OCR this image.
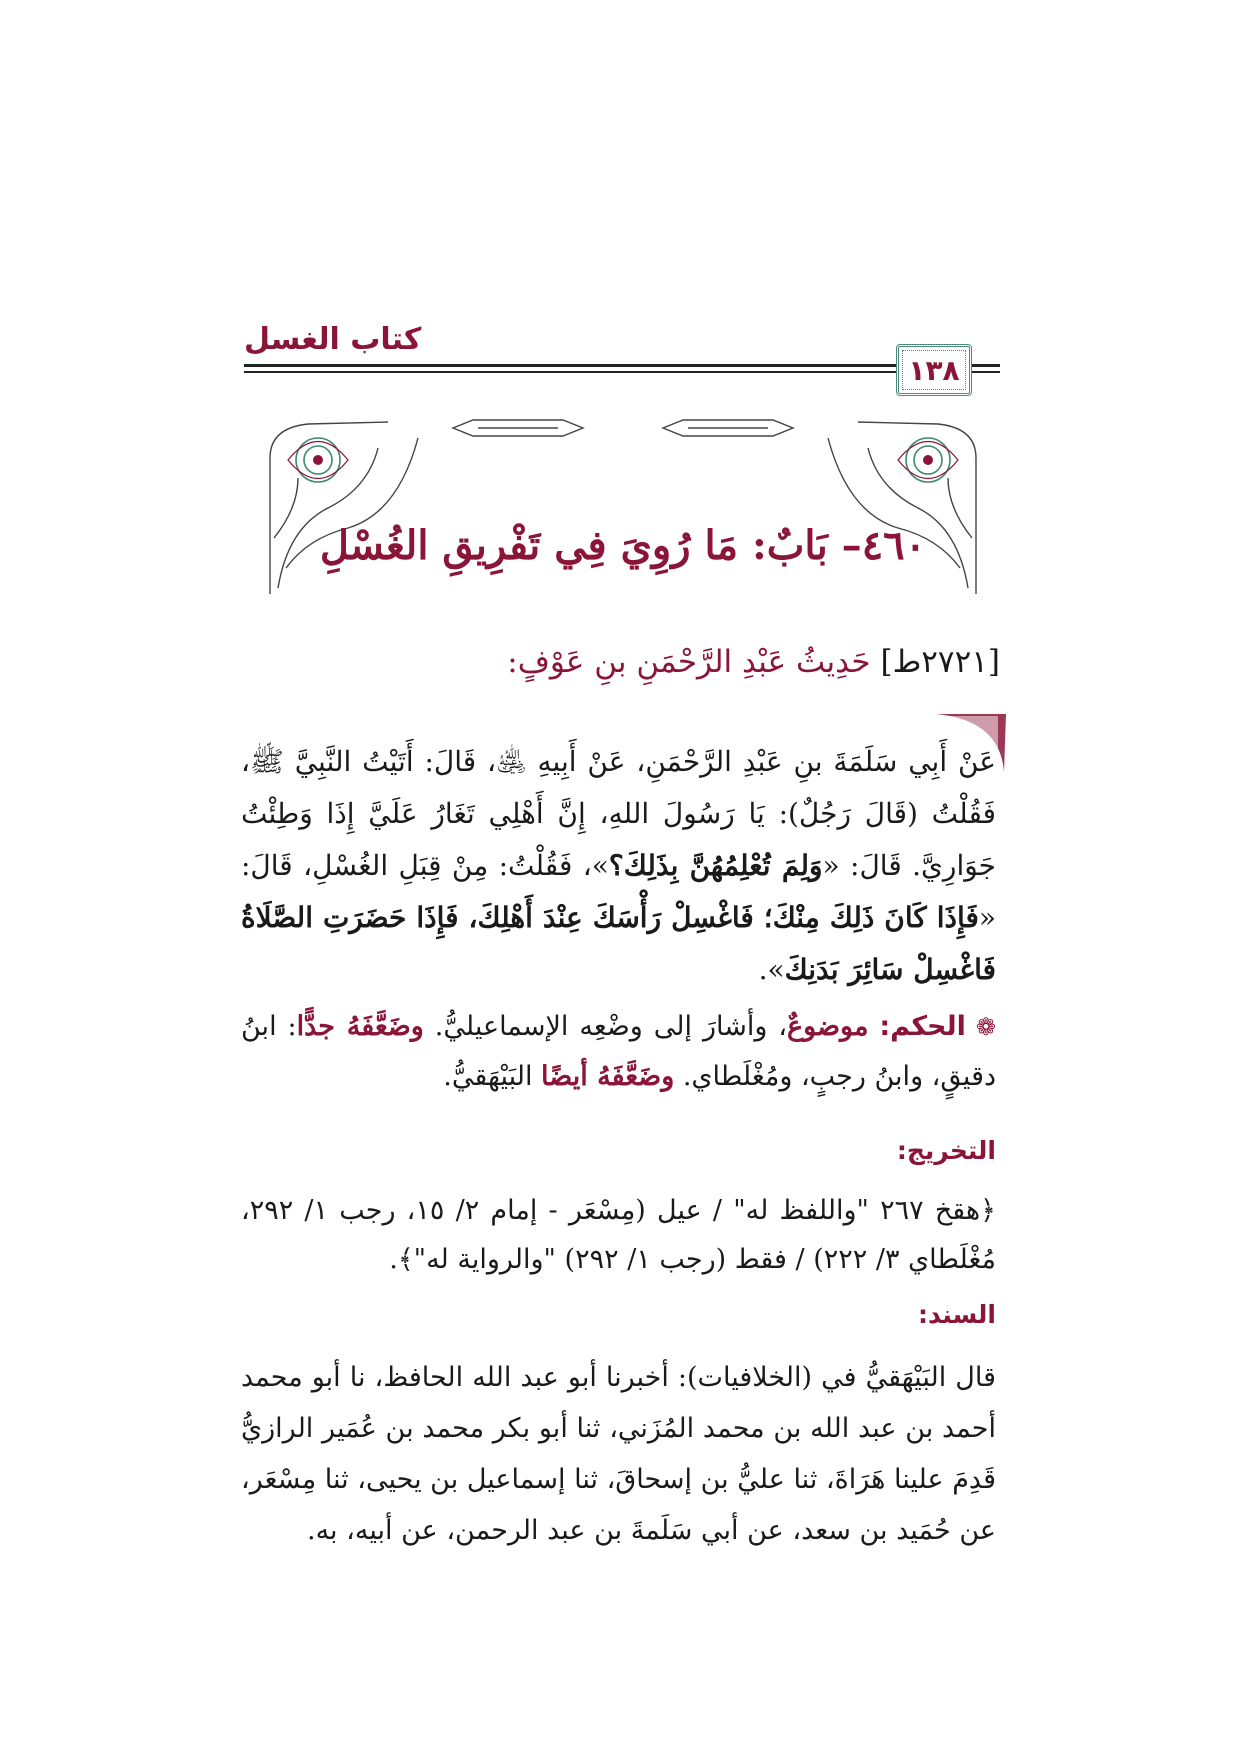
كتاب الغسل
١٣٨
٤٦٠– بَابٌ: مَا رُوِيَ فِي تَفْرِيقِ الغُسْلِ
[٢٧٢١ط]حَدِيثُ عَبْدِ الرَّحْمَنِ بنِ عَوْفٍ:
عَنْ أَبِي سَلَمَةَ بنِ عَبْدِ الرَّحْمَنِ، عَنْ أَبِيهِ ﵁، قَالَ: أَتَيْتُ النَّبِيَّ ﷺ، فَقُلْتُ (قَالَ رَجُلٌ): يَا رَسُولَ اللهِ، إِنَّ أَهْلِي تَغَارُ عَلَيَّ إِذَا وَطِئْتُ جَوَارِيَّ. قَالَ: «وَلِمَ تُعْلِمُهُنَّ بِذَلِكَ؟»، فَقُلْتُ: مِنْ قِبَلِ الغُسْلِ، قَالَ: «فَإِذَا كَانَ ذَلِكَ مِنْكَ؛ فَاغْسِلْ رَأْسَكَ عِنْدَ أَهْلِكَ، فَإِذَا حَضَرَتِ الصَّلَاةُ فَاغْسِلْ سَائِرَ بَدَنِكَ».
❁ الحكم: موضوعٌ، وأشارَ إلى وضْعِه الإسماعيليُّ. وضَعَّفَهُ جدًّا: ابنُ دقيقٍ، وابنُ رجبٍ، ومُغْلَطاي. وضَعَّفَهُ أيضًا البَيْهَقيُّ.
التخريج:
﴿هقخ ٢٦٧ "واللفظ له" / عيل (مِسْعَر - إمام ٢/ ١٥، رجب ١/ ٢٩٢، مُغْلَطاي ٣/ ٢٢٢) / فقط (رجب ١/ ٢٩٢) "والرواية له"﴾.
السند:
قال البَيْهَقيُّ في (الخلافيات): أخبرنا أبو عبد الله الحافظ، نا أبو محمد أحمد بن عبد الله بن محمد المُزَني، ثنا أبو بكر محمد بن عُمَير الرازيُّ قَدِمَ علينا هَرَاةَ، ثنا عليُّ بن إسحاقَ، ثنا إسماعيل بن يحيى، ثنا مِسْعَر، عن حُمَيد بن سعد، عن أبي سَلَمةَ بن عبد الرحمن، عن أبيه، به.
